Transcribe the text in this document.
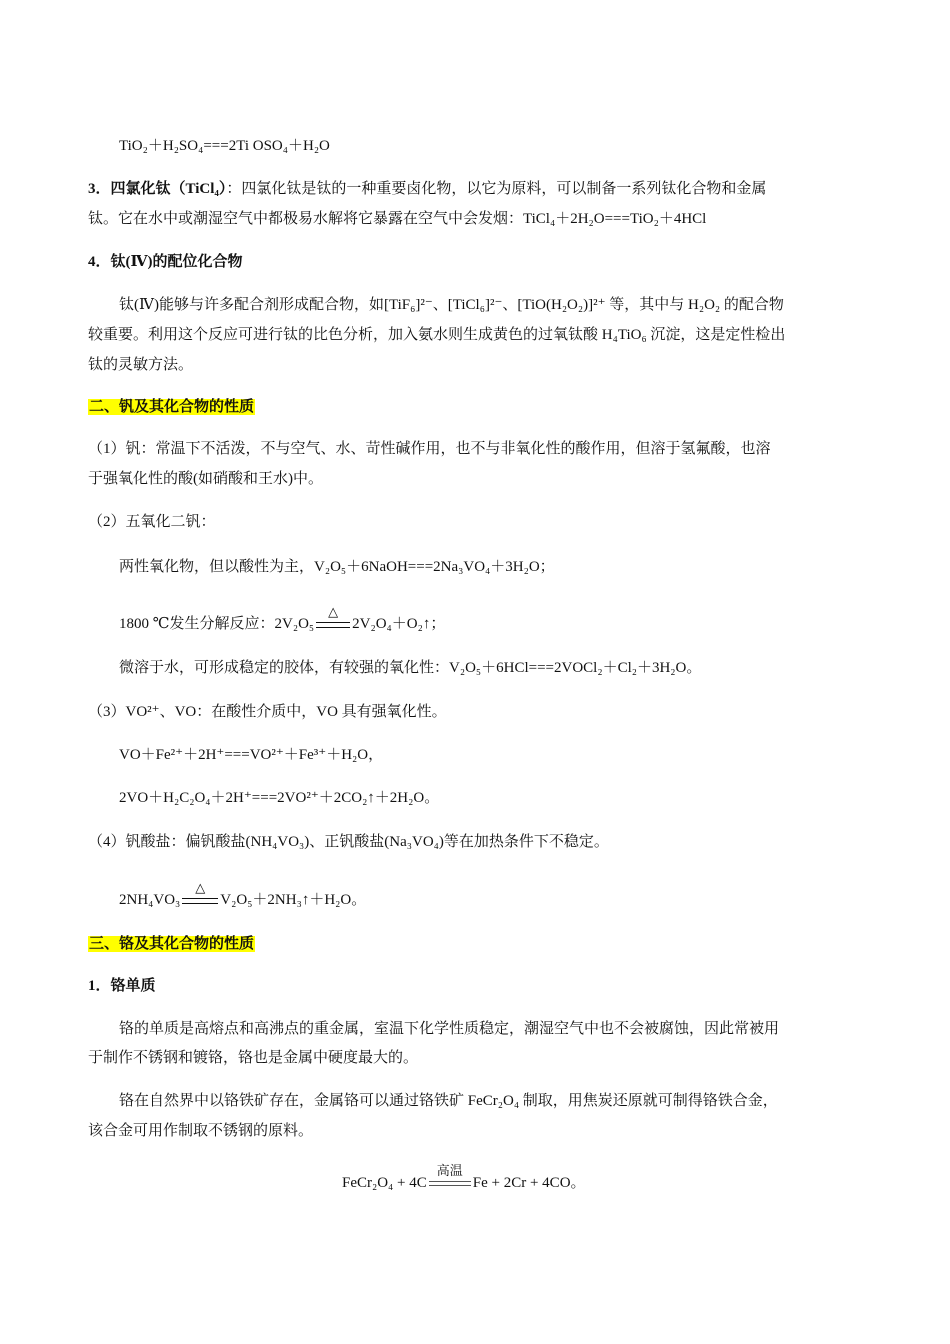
TiO₂＋H₂SO₄===2Ti OSO₄＋H₂O
3．四氯化钛（TiCl₄）：四氯化钛是钛的一种重要卤化物，以它为原料，可以制备一系列钛化合物和金属
钛。它在水中或潮湿空气中都极易水解将它暴露在空气中会发烟：TiCl₄＋2H₂O===TiO₂＋4HCl
4．钛(Ⅳ)的配位化合物
钛(Ⅳ)能够与许多配合剂形成配合物，如[TiF₆]²⁻、[TiCl₆]²⁻、[TiO(H₂O₂)]²⁺ 等，其中与 H₂O₂ 的配合物
较重要。利用这个反应可进行钛的比色分析，加入氨水则生成黄色的过氧钛酸 H₄TiO₆ 沉淀，这是定性检出
钛的灵敏方法。
二、钒及其化合物的性质
（1）钒：常温下不活泼，不与空气、水、苛性碱作用，也不与非氧化性的酸作用，但溶于氢氟酸，也溶
于强氧化性的酸(如硝酸和王水)中。
（2）五氧化二钒：
两性氧化物，但以酸性为主，V₂O₅＋6NaOH===2Na₃VO₄＋3H₂O；
1800 ℃发生分解反应：2V₂O₅
△
2V₂O₄＋O₂↑；
微溶于水，可形成稳定的胶体，有较强的氧化性：V₂O₅＋6HCl===2VOCl₂＋Cl₂＋3H₂O。
（3）VO²⁺、VO：在酸性介质中，VO 具有强氧化性。
VO＋Fe²⁺＋2H⁺===VO²⁺＋Fe³⁺＋H₂O，
2VO＋H₂C₂O₄＋2H⁺===2VO²⁺＋2CO₂↑＋2H₂O。
（4）钒酸盐：偏钒酸盐(NH₄VO₃)、正钒酸盐(Na₃VO₄)等在加热条件下不稳定。
2NH₄VO₃
△
V₂O₅＋2NH₃↑＋H₂O。
三、铬及其化合物的性质
1．铬单质
铬的单质是高熔点和高沸点的重金属，室温下化学性质稳定，潮湿空气中也不会被腐蚀，因此常被用
于制作不锈钢和镀铬，铬也是金属中硬度最大的。
铬在自然界中以铬铁矿存在，金属铬可以通过铬铁矿 FeCr₂O₄ 制取，用焦炭还原就可制得铬铁合金，
该合金可用作制取不锈钢的原料。
FeCr₂O₄ + 4C
高温
Fe + 2Cr + 4CO。
